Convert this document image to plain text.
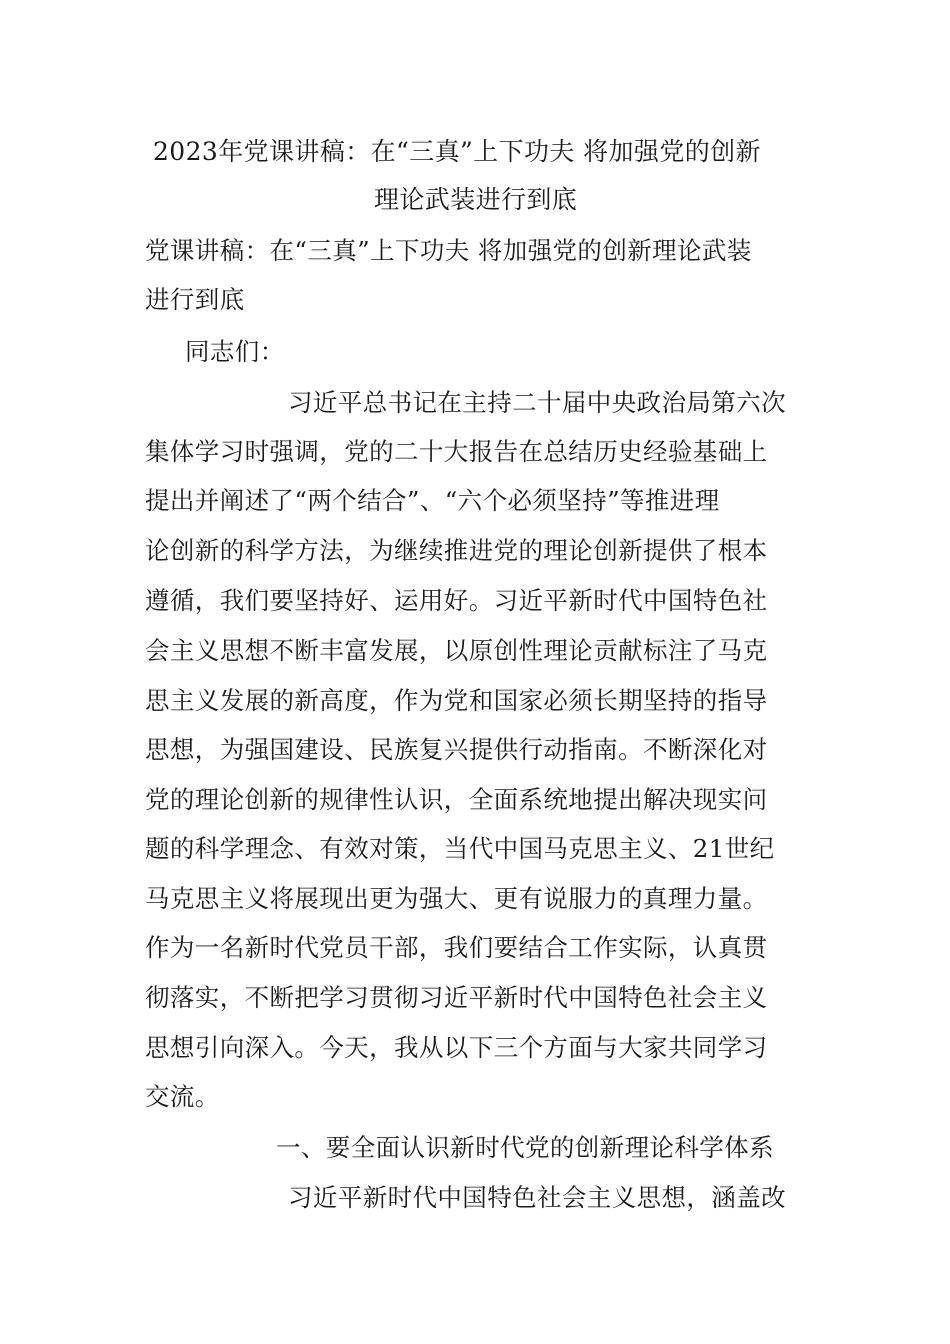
2023年党课讲稿：在“三真”上下功夫 将加强党的创新
理论武装进行到底
党课讲稿：在“三真”上下功夫 将加强党的创新理论武装
进行到底
同志们：
习近平总书记在主持二十届中央政治局第六次
集体学习时强调，党的二十大报告在总结历史经验基础上
提出并阐述了“两个结合”、“六个必须坚持”等推进理
论创新的科学方法，为继续推进党的理论创新提供了根本
遵循，我们要坚持好、运用好。习近平新时代中国特色社
会主义思想不断丰富发展，以原创性理论贡献标注了马克
思主义发展的新高度，作为党和国家必须长期坚持的指导
思想，为强国建设、民族复兴提供行动指南。不断深化对
党的理论创新的规律性认识，全面系统地提出解决现实问
题的科学理念、有效对策，当代中国马克思主义、21世纪
马克思主义将展现出更为强大、更有说服力的真理力量。
作为一名新时代党员干部，我们要结合工作实际，认真贯
彻落实，不断把学习贯彻习近平新时代中国特色社会主义
思想引向深入。今天，我从以下三个方面与大家共同学习
交流。
一、要全面认识新时代党的创新理论科学体系
习近平新时代中国特色社会主义思想，涵盖改
